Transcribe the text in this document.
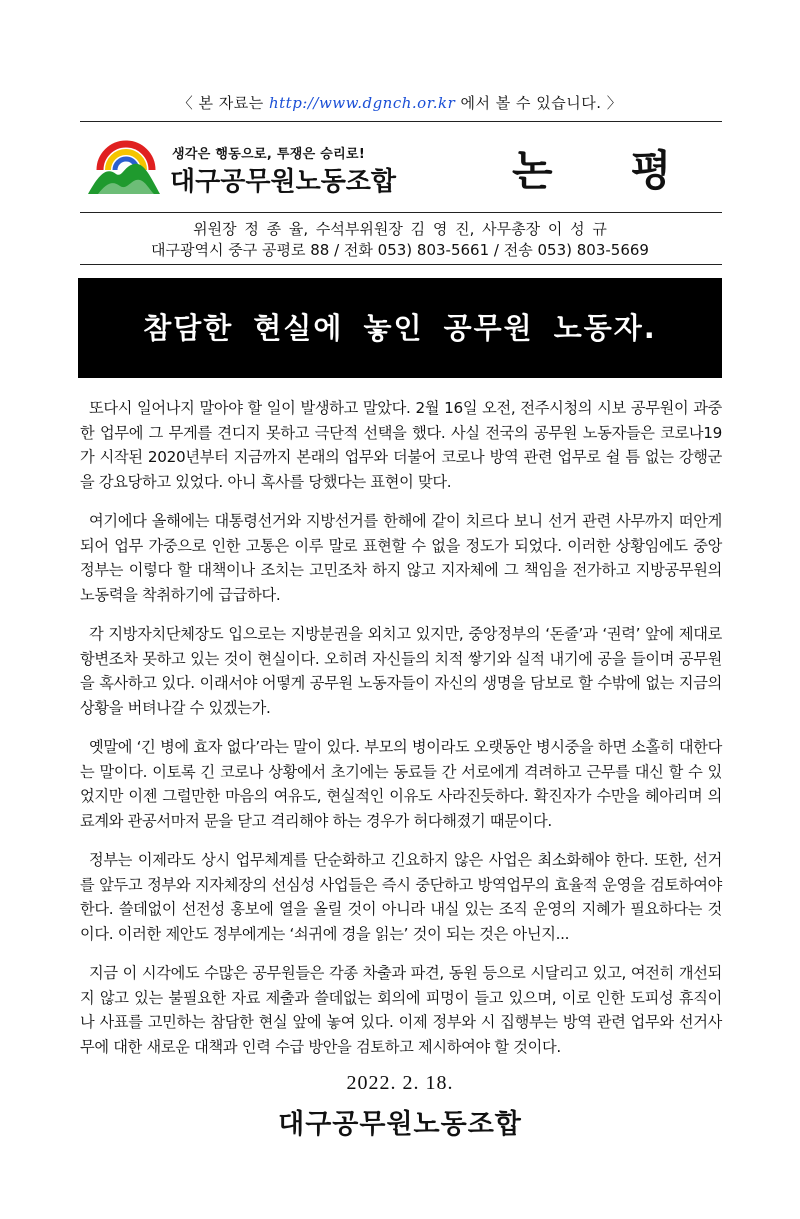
〈 본 자료는 http://www.dgnch.or.kr 에서 볼 수 있습니다. 〉
생각은 행동으로, 투쟁은 승리로!
대구공무원노동조합	논평
위원장 정 종 율, 수석부위원장 김 영 진, 사무총장 이 성 규
대구광역시 중구 공평로 88 / 전화 053) 803-5661 / 전송 053) 803-5669
참담한 현실에 놓인 공무원 노동자.

또다시 일어나지 말아야 할 일이 발생하고 말았다. 2월 16일 오전, 전주시청의 시보 공무원이 과중한 업무에 그 무게를 견디지 못하고 극단적 선택을 했다. 사실 전국의 공무원 노동자들은 코로나19가 시작된 2020년부터 지금까지 본래의 업무와 더불어 코로나 방역 관련 업무로 쉴 틈 없는 강행군을 강요당하고 있었다. 아니 혹사를 당했다는 표현이 맞다.

여기에다 올해에는 대통령선거와 지방선거를 한해에 같이 치르다 보니 선거 관련 사무까지 떠안게 되어 업무 가중으로 인한 고통은 이루 말로 표현할 수 없을 정도가 되었다. 이러한 상황임에도 중앙정부는 이렇다 할 대책이나 조치는 고민조차 하지 않고 지자체에 그 책임을 전가하고 지방공무원의 노동력을 착취하기에 급급하다.

각 지방자치단체장도 입으로는 지방분권을 외치고 있지만, 중앙정부의 ‘돈줄’과 ‘권력’ 앞에 제대로 항변조차 못하고 있는 것이 현실이다. 오히려 자신들의 치적 쌓기와 실적 내기에 공을 들이며 공무원을 혹사하고 있다. 이래서야 어떻게 공무원 노동자들이 자신의 생명을 담보로 할 수밖에 없는 지금의 상황을 버텨나갈 수 있겠는가.

옛말에 ‘긴 병에 효자 없다’라는 말이 있다. 부모의 병이라도 오랫동안 병시중을 하면 소홀히 대한다는 말이다. 이토록 긴 코로나 상황에서 초기에는 동료들 간 서로에게 격려하고 근무를 대신 할 수 있었지만 이젠 그럴만한 마음의 여유도, 현실적인 이유도 사라진듯하다. 확진자가 수만을 헤아리며 의료계와 관공서마저 문을 닫고 격리해야 하는 경우가 허다해졌기 때문이다.

정부는 이제라도 상시 업무체계를 단순화하고 긴요하지 않은 사업은 최소화해야 한다. 또한, 선거를 앞두고 정부와 지자체장의 선심성 사업들은 즉시 중단하고 방역업무의 효율적 운영을 검토하여야 한다. 쓸데없이 선전성 홍보에 열을 올릴 것이 아니라 내실 있는 조직 운영의 지혜가 필요하다는 것이다. 이러한 제안도 정부에게는 ‘쇠귀에 경을 읽는’ 것이 되는 것은 아닌지...

지금 이 시각에도 수많은 공무원들은 각종 차출과 파견, 동원 등으로 시달리고 있고, 여전히 개선되지 않고 있는 불필요한 자료 제출과 쓸데없는 회의에 피멍이 들고 있으며, 이로 인한 도피성 휴직이나 사표를 고민하는 참담한 현실 앞에 놓여 있다. 이제 정부와 시 집행부는 방역 관련 업무와 선거사무에 대한 새로운 대책과 인력 수급 방안을 검토하고 제시하여야 할 것이다.

2022. 2. 18.
대구공무원노동조합
